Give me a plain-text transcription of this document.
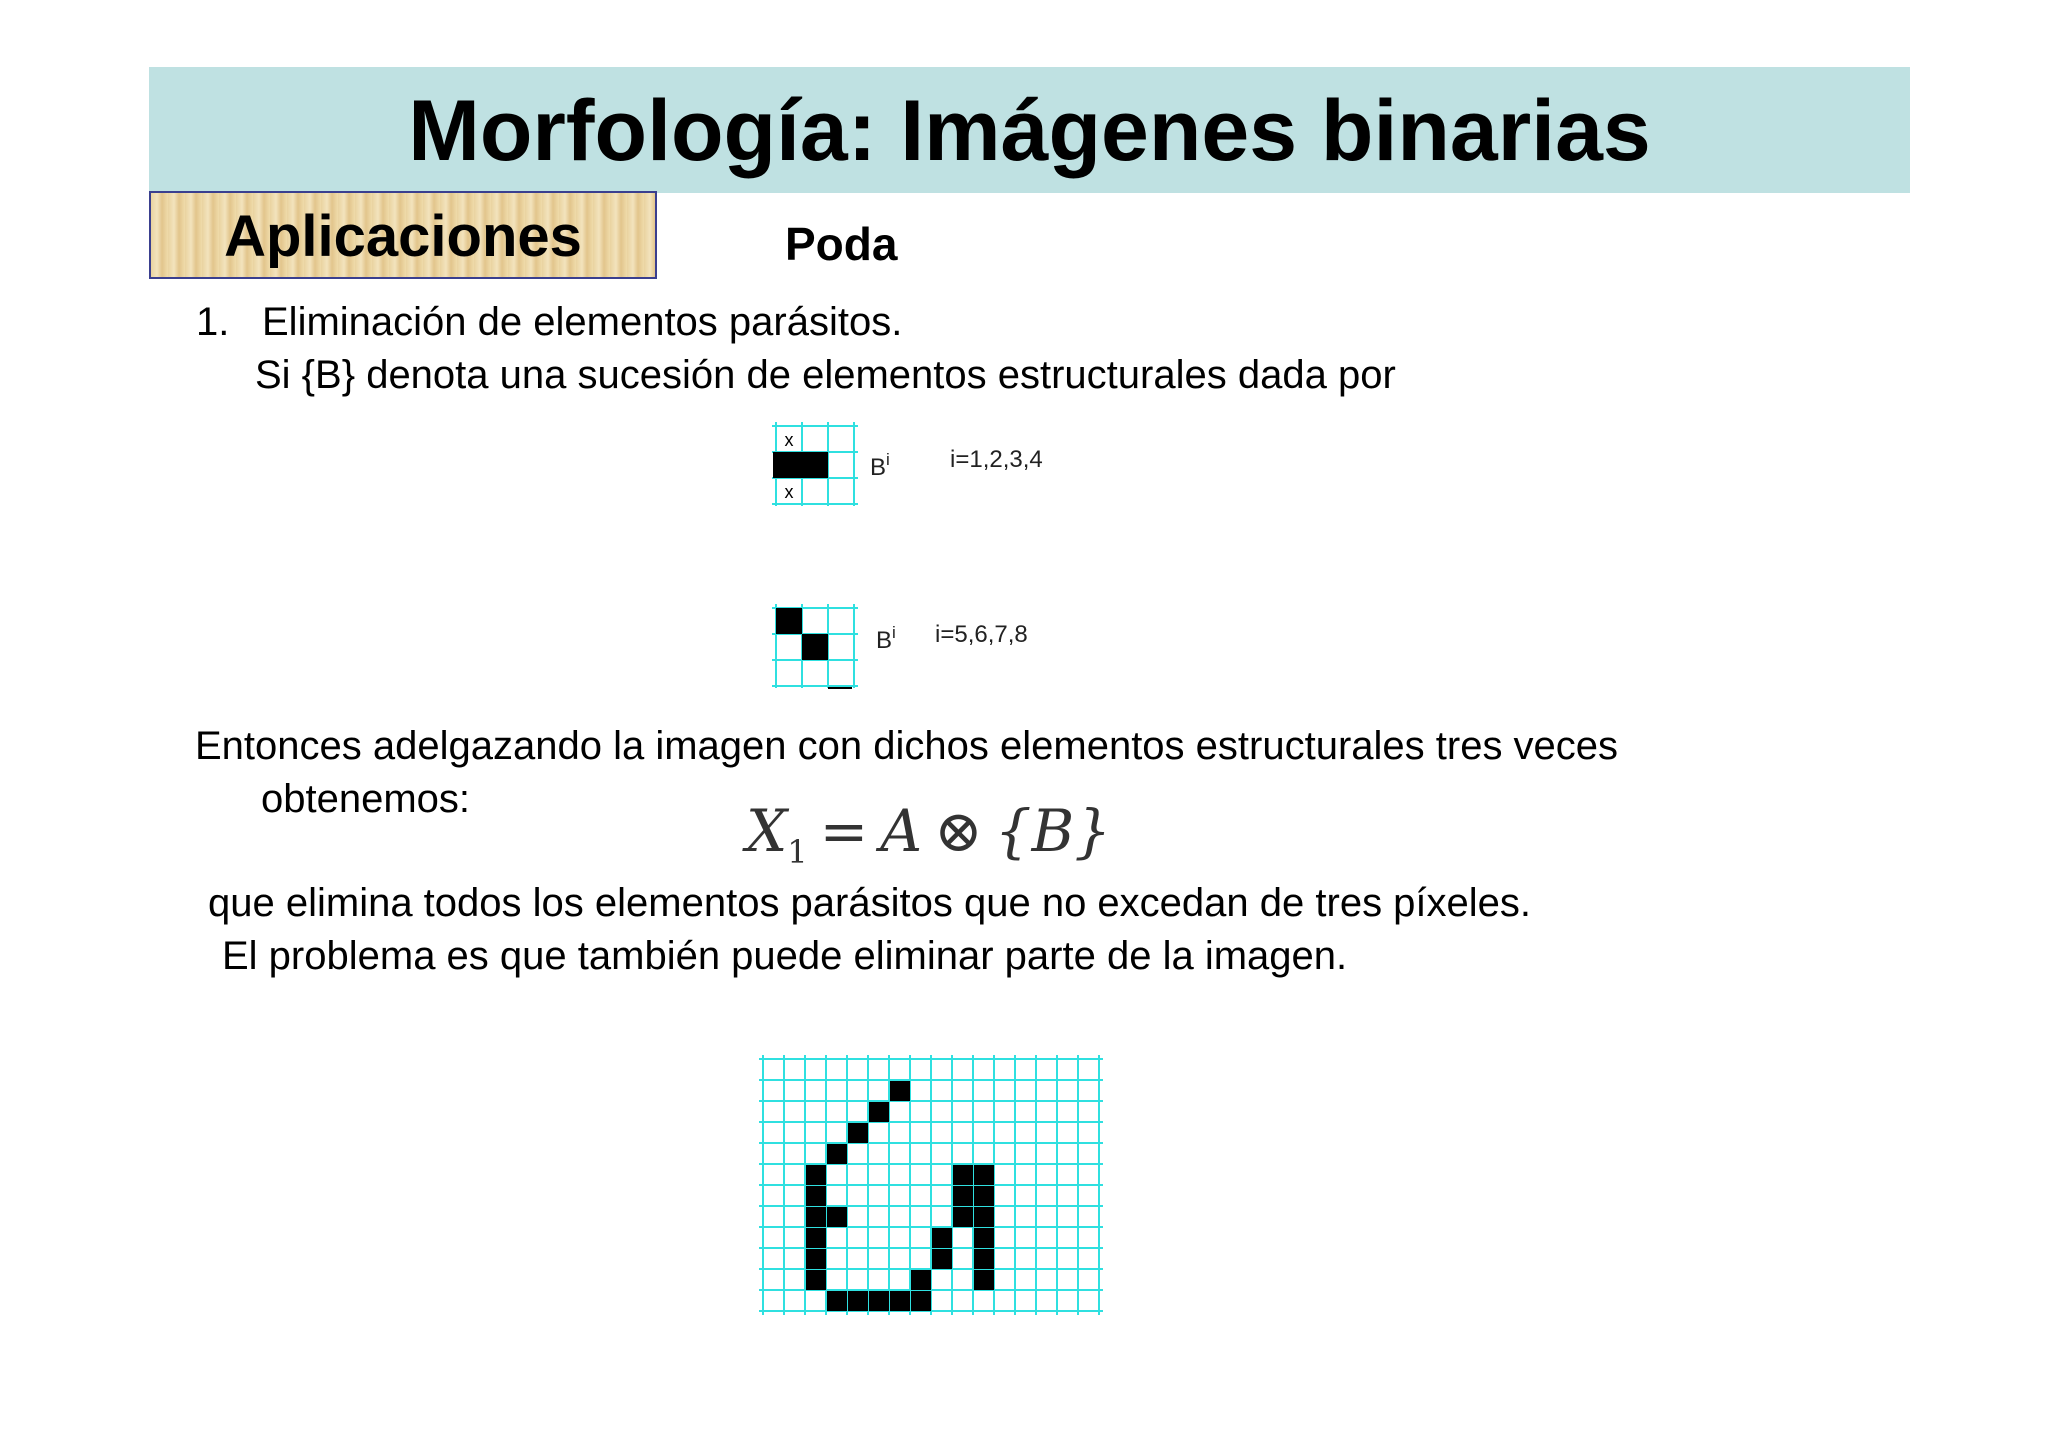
Morfología: Imágenes binarias
Aplicaciones	Poda
1. Eliminación de elementos parásitos.
Si {B} denota una sucesión de elementos estructurales dada por
x
x
$B^i$	i=1,2,3,4
$B^i$ i=5,6,7,8
Entonces adelgazando la imagen con dichos elementos estructurales tres veces
obtenemos:	$X_1 = A$ ⊗ {B}
que elimina todos los elementos parásitos que no excedan de tres píxeles.
El problema es que también puede eliminar parte de la imagen.
